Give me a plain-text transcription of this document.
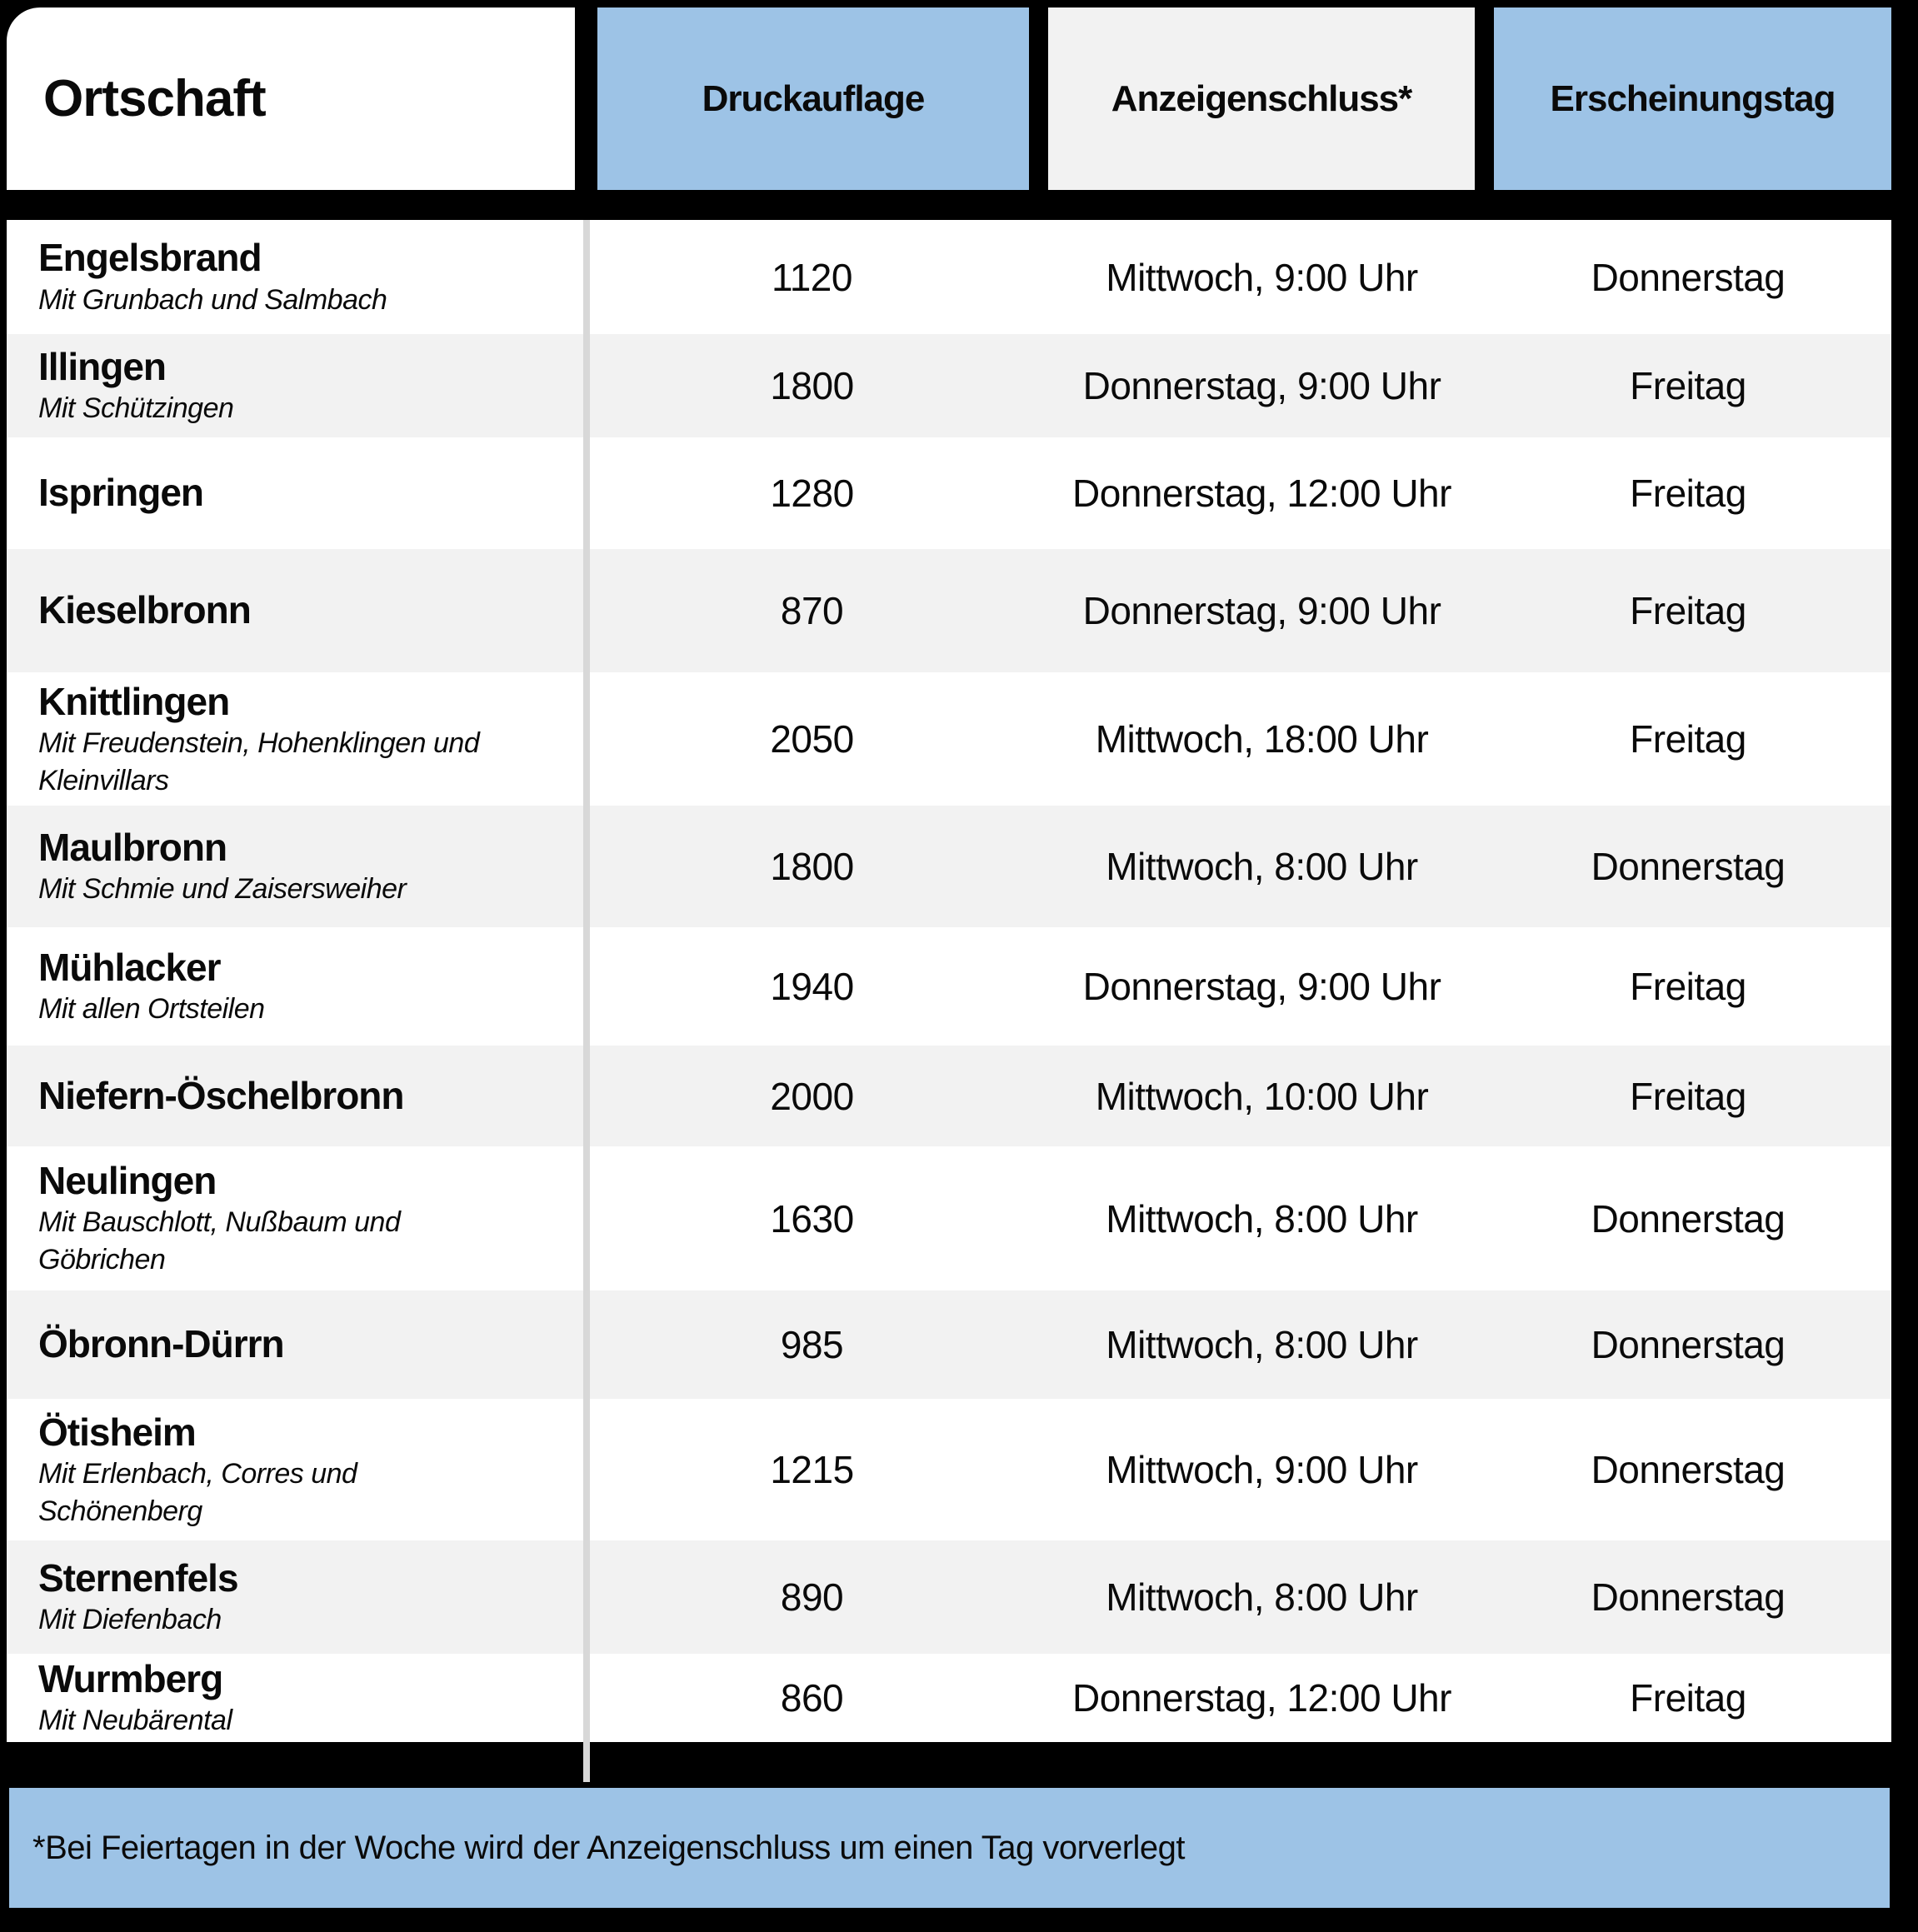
Ortschaft	Druckauflage	Anzeigenschluss*	Erscheinungstag
Engelsbrand
Mit Grunbach und Salmbach
1120	Mittwoch, 9:00 Uhr	Donnerstag
Illingen
Mit Schützingen
1800	Donnerstag, 9:00 Uhr	Freitag
Ispringen	1280	Donnerstag, 12:00 Uhr	Freitag
Kieselbronn	870	Donnerstag, 9:00 Uhr	Freitag
Knittlingen
Mit Freudenstein, Hohenklingen und Kleinvillars
2050	Mittwoch, 18:00 Uhr	Freitag
Maulbronn
Mit Schmie und Zaisersweiher
1800	Mittwoch, 8:00 Uhr	Donnerstag
Mühlacker
Mit allen Ortsteilen
1940	Donnerstag, 9:00 Uhr	Freitag
Niefern-Öschelbronn	2000	Mittwoch, 10:00 Uhr	Freitag
Neulingen
Mit Bauschlott, Nußbaum und Göbrichen
1630	Mittwoch, 8:00 Uhr	Donnerstag
Öbronn-Dürrn	985	Mittwoch, 8:00 Uhr	Donnerstag
Ötisheim
Mit Erlenbach, Corres und Schönenberg
1215	Mittwoch, 9:00 Uhr	Donnerstag
Sternenfels
Mit Diefenbach
890	Mittwoch, 8:00 Uhr	Donnerstag
Wurmberg
Mit Neubärental
860	Donnerstag, 12:00 Uhr	Freitag
*Bei Feiertagen in der Woche wird der Anzeigenschluss um einen Tag vorverlegt
